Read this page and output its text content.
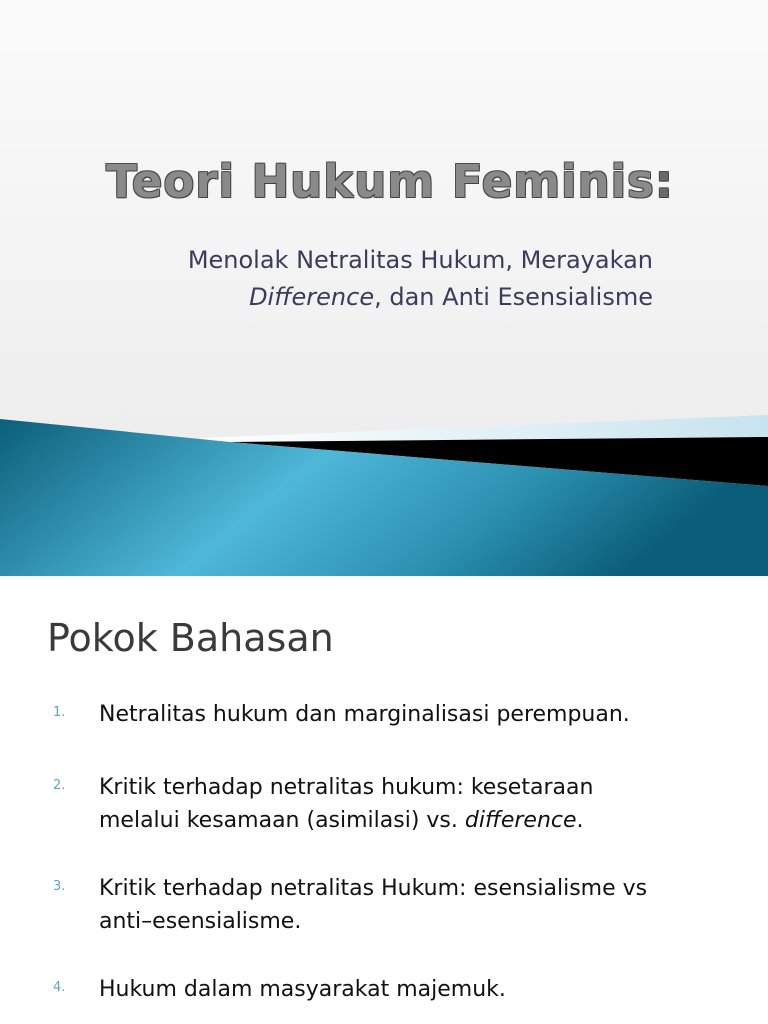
Teori Hukum Feminis:
Menolak Netralitas Hukum, Merayakan
Difference, dan Anti Esensialisme
Pokok Bahasan
1. Netralitas hukum dan marginalisasi perempuan.
2. Kritik terhadap netralitas hukum: kesetaraan
melalui kesamaan (asimilasi) vs. difference.
3. Kritik terhadap netralitas Hukum: esensialisme vs
anti–esensialisme.
4. Hukum dalam masyarakat majemuk.
